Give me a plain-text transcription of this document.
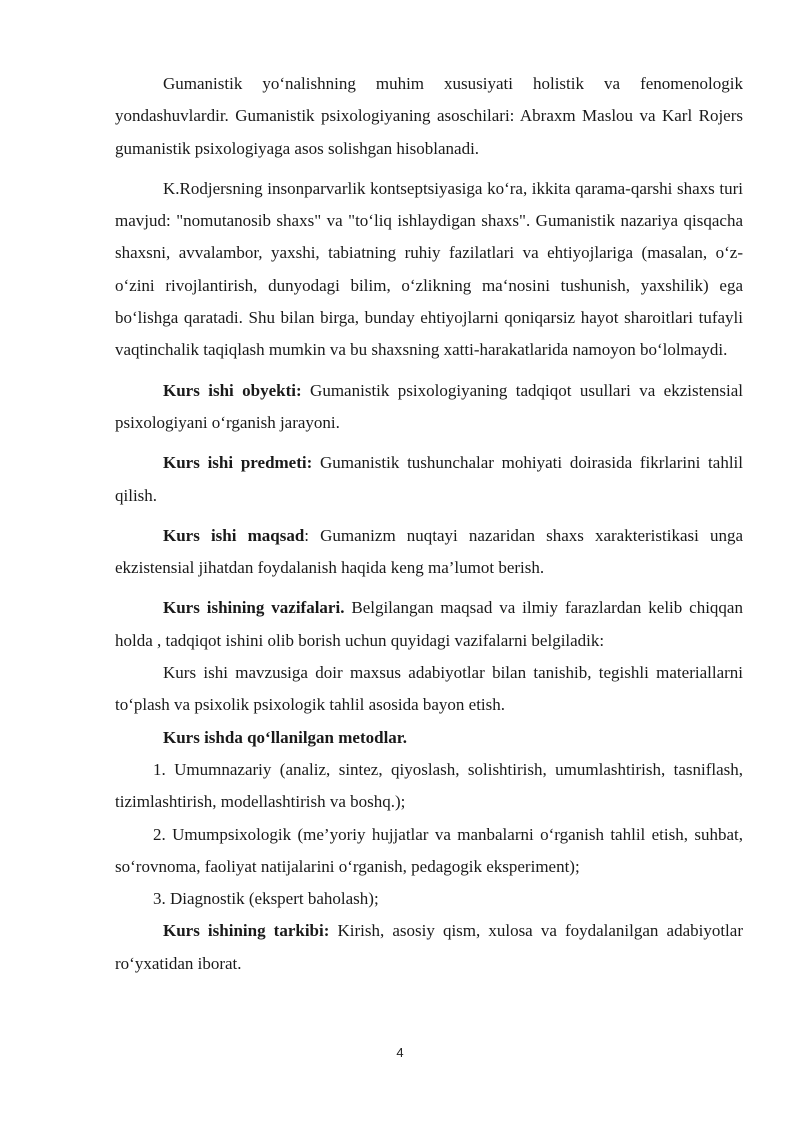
Gumanistik yo‘nalishning muhim xususiyati holistik va fenomenologik yondashuvlardir. Gumanistik psixologiyaning asoschilari: Abraxm Maslou va Karl Rojers gumanistik psixologiyaga asos solishgan hisoblanadi.

K.Rodjersning insonparvarlik kontseptsiyasiga ko‘ra, ikkita qarama-qarshi shaxs turi mavjud: "nomutanosib shaxs" va "to‘liq ishlaydigan shaxs". Gumanistik nazariya qisqacha shaxsni, avvalambor, yaxshi, tabiatning ruhiy fazilatlari va ehtiyojlariga (masalan, o‘z-o‘zini rivojlantirish, dunyodagi bilim, o‘zlikning ma‘nosini tushunish, yaxshilik) ega bo‘lishga qaratadi. Shu bilan birga, bunday ehtiyojlarni qoniqarsiz hayot sharoitlari tufayli vaqtinchalik taqiqlash mumkin va bu shaxsning xatti-harakatlarida namoyon bo‘lolmaydi.

Kurs ishi obyekti: Gumanistik psixologiyaning tadqiqot usullari va ekzistensial psixologiyani o‘rganish jarayoni.

Kurs ishi predmeti: Gumanistik tushunchalar mohiyati doirasida fikrlarini tahlil qilish.

Kurs ishi maqsad: Gumanizm nuqtayi nazaridan shaxs xarakteristikasi unga ekzistensial jihatdan foydalanish haqida keng ma’lumot berish.

Kurs ishining vazifalari. Belgilangan maqsad va ilmiy farazlardan kelib chiqqan holda , tadqiqot ishini olib borish uchun quyidagi vazifalarni belgiladik:

Kurs ishi mavzusiga doir maxsus adabiyotlar bilan tanishib, tegishli materiallarni to‘plash va psixolik psixologik tahlil asosida bayon etish.

Kurs ishda qo‘llanilgan metodlar.

1. Umumnazariy (analiz, sintez, qiyoslash, solishtirish, umumlashtirish, tasniflash, tizimlashtirish, modellashtirish va boshq.);

2. Umumpsixologik (me’yoriy hujjatlar va manbalarni o‘rganish tahlil etish, suhbat, so‘rovnoma, faoliyat natijalarini o‘rganish, pedagogik eksperiment);

3. Diagnostik (ekspert baholash);

Kurs ishining tarkibi: Kirish, asosiy qism, xulosa va foydalanilgan adabiyotlar ro‘yxatidan iborat.

4
